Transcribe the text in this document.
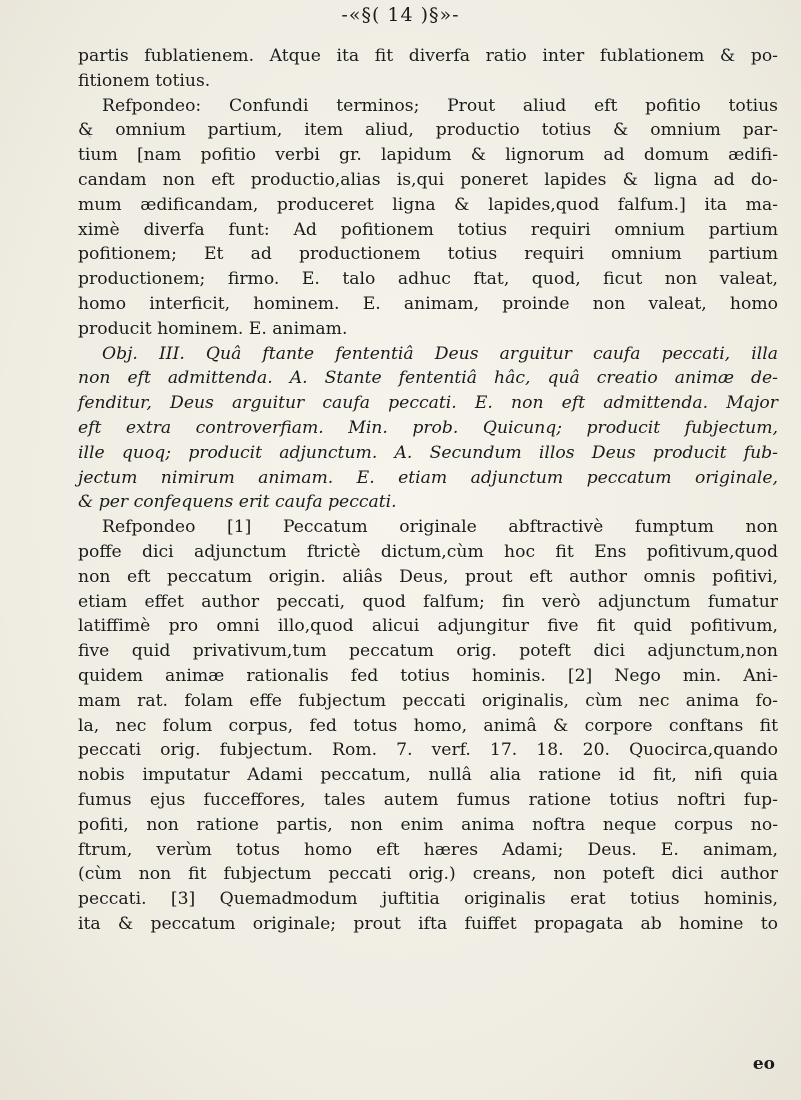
-«§( 14 )§»-
partis fublatienem. Atque ita fit diverfa ratio inter fublationem & po-
fitionem totius.
Refpondeo: Confundi terminos; Prout aliud eft pofitio totius
& omnium partium, item aliud, productio totius & omnium par-
tium [nam pofitio verbi gr. lapidum & lignorum ad domum ædifi-
candam non eft productio,alias is,qui poneret lapides & ligna ad do-
mum ædificandam, produceret ligna & lapides,quod falfum.] ita ma-
ximè diverfa funt: Ad pofitionem totius requiri omnium partium
pofitionem; Et ad productionem totius requiri omnium partium
productionem; firmo. E. talo adhuc ftat, quod, ficut non valeat,
homo interficit, hominem. E. animam, proinde non valeat, homo
producit hominem. E. animam.
Obj. III. Quâ ftante fententiâ Deus arguitur caufa peccati, illa
non eft admittenda. A. Stante fententiâ hâc, quâ creatio animæ de-
fenditur, Deus arguitur caufa peccati. E. non eft admittenda. Major
eft extra controverfiam. Min. prob. Quicunq; producit fubjectum,
ille quoq; producit adjunctum. A. Secundum illos Deus producit fub-
jectum nimirum animam. E. etiam adjunctum peccatum originale,
& per confequens erit caufa peccati.
Refpondeo [1] Peccatum originale abftractivè fumptum non
poffe dici adjunctum ftrictè dictum,cùm hoc fit Ens pofitivum,quod
non eft peccatum origin. aliâs Deus, prout eft author omnis pofitivi,
etiam effet author peccati, quod falfum; fin verò adjunctum fumatur
latiffimè pro omni illo,quod alicui adjungitur five fit quid pofitivum,
five quid privativum,tum peccatum orig. poteft dici adjunctum,non
quidem animæ rationalis fed totius hominis. [2] Nego min. Ani-
mam rat. folam effe fubjectum peccati originalis, cùm nec anima fo-
la, nec folum corpus, fed totus homo, animâ & corpore conftans fit
peccati orig. fubjectum. Rom. 7. verf. 17. 18. 20. Quocirca,quando
nobis imputatur Adami peccatum, nullâ alia ratione id fit, nifi quia
fumus ejus fucceffores, tales autem fumus ratione totius noftri fup-
pofiti, non ratione partis, non enim anima noftra neque corpus no-
ftrum, verùm totus homo eft hæres Adami; Deus. E. animam,
(cùm non fit fubjectum peccati orig.) creans, non poteft dici author
peccati. [3] Quemadmodum juftitia originalis erat totius hominis,
ita & peccatum originale; prout ifta fuiffet propagata ab homine to
eo
